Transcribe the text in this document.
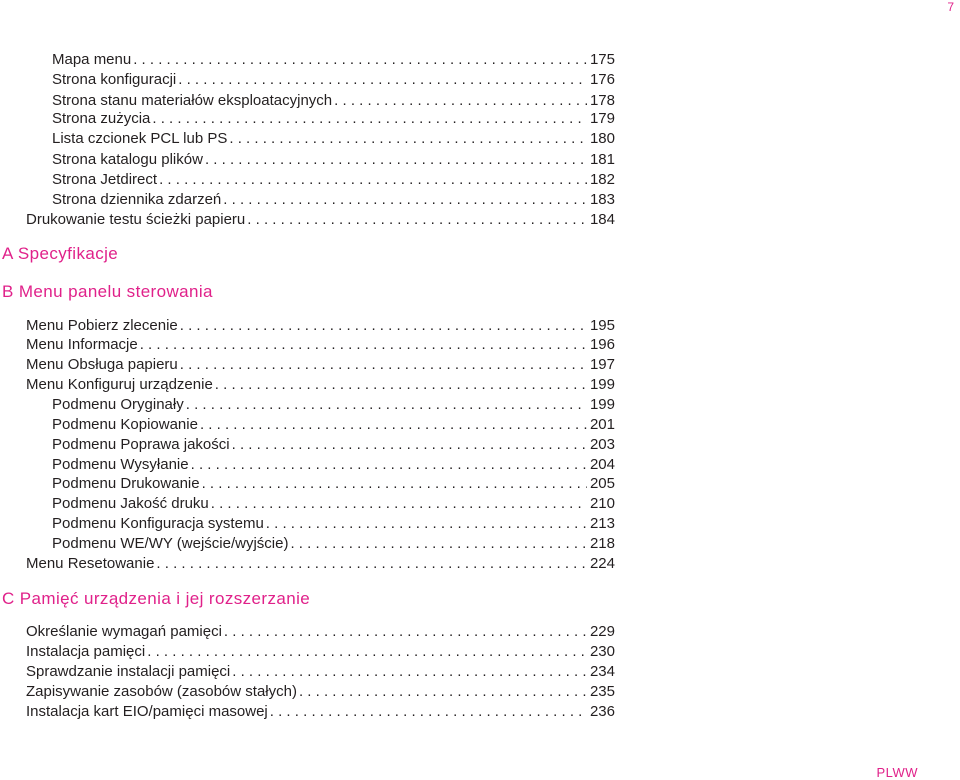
7
Mapa menu . . .	175
Strona konfiguracji . . .	176
Strona stanu materiałów eksploatacyjnych . . .	178
Strona zużycia . . .	179
Lista czcionek PCL lub PS . . .	180
Strona katalogu plików . . .	181
Strona Jetdirect . . .	182
Strona dziennika zdarzeń . . .	183
Drukowanie testu ścieżki papieru . . .	184
A Specyfikacje
B Menu panelu sterowania
Menu Pobierz zlecenie . . .	195
Menu Informacje . . .	196
Menu Obsługa papieru . . .	197
Menu Konfiguruj urządzenie . . .	199
Podmenu Oryginały . . .	199
Podmenu Kopiowanie . . .	201
Podmenu Poprawa jakości . . .	203
Podmenu Wysyłanie . . .	204
Podmenu Drukowanie . . .	205
Podmenu Jakość druku . . .	210
Podmenu Konfiguracja systemu . . .	213
Podmenu WE/WY (wejście/wyjście) . . .	218
Menu Resetowanie . . .	224
C Pamięć urządzenia i jej rozszerzanie
Określanie wymagań pamięci . . .	229
Instalacja pamięci . . .	230
Sprawdzanie instalacji pamięci . . .	234
Zapisywanie zasobów (zasobów stałych) . . .	235
Instalacja kart EIO/pamięci masowej . . .	236
PLWW
